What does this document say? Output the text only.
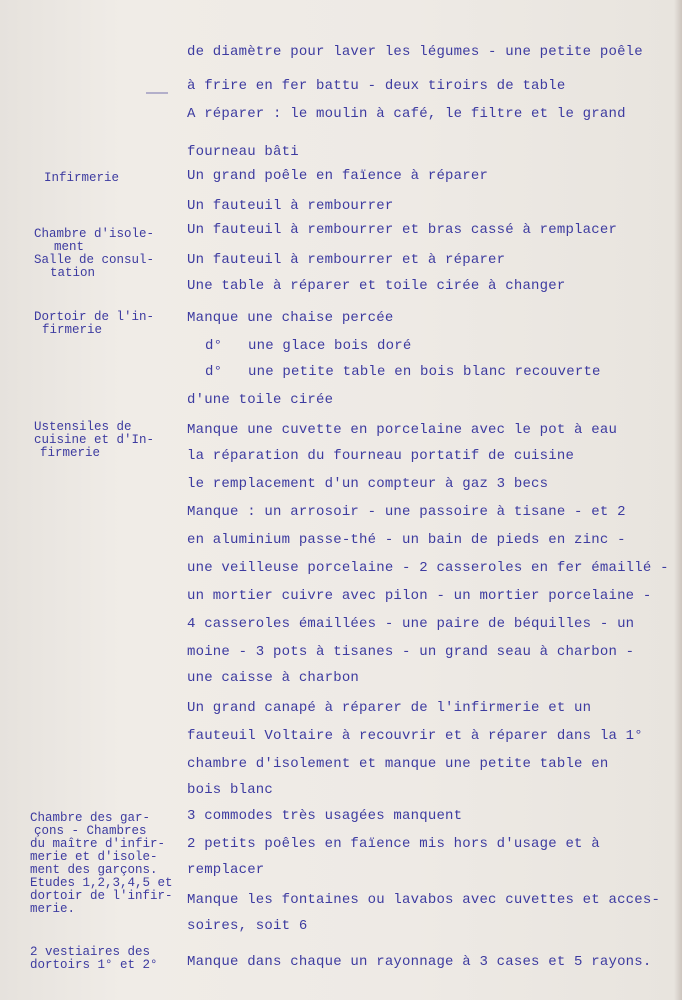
de diamètre pour laver les légumes - une petite poêle
à frire en fer battu - deux tiroirs de table
A réparer : le moulin à café, le filtre et le grand
fourneau bâti
Un grand poêle en faïence à réparer
Un fauteuil à rembourrer
Un fauteuil à rembourrer et bras cassé à remplacer
Un fauteuil à rembourrer et à réparer
Une table à réparer et toile cirée à changer
Manque une chaise percée
d°   une glace bois doré
d°   une petite table en bois blanc recouverte
d'une toile cirée
Manque une cuvette en porcelaine avec le pot à eau
la réparation du fourneau portatif de cuisine
le remplacement d'un compteur à gaz 3 becs
Manque : un arrosoir - une passoire à tisane - et 2
en aluminium passe-thé - un bain de pieds en zinc -
une veilleuse porcelaine - 2 casseroles en fer émaillé -
un mortier cuivre avec pilon - un mortier porcelaine -
4 casseroles émaillées - une paire de béquilles - un
moine - 3 pots à tisanes - un grand seau à charbon -
une caisse à charbon
Un grand canapé à réparer de l'infirmerie et un
fauteuil Voltaire à recouvrir et à réparer dans la 1°
chambre d'isolement et manque une petite table en
bois blanc
3 commodes très usagées manquent
2 petits poêles en faïence mis hors d'usage et à
remplacer
Manque les fontaines ou lavabos avec cuvettes et acces-
soires, soit 6
Manque dans chaque un rayonnage à 3 cases et 5 rayons.
Infirmerie
Chambre d'isole-
ment
Salle de consul-
tation
Dortoir de l'in-
firmerie
Ustensiles de
cuisine et d'In-
firmerie
Chambre des gar-
çons - Chambres
du maître d'infir-
merie et d'isole-
ment des garçons.
Etudes 1,2,3,4,5 et
dortoir de l'infir-
merie.
2 vestiaires des
dortoirs 1° et 2°
